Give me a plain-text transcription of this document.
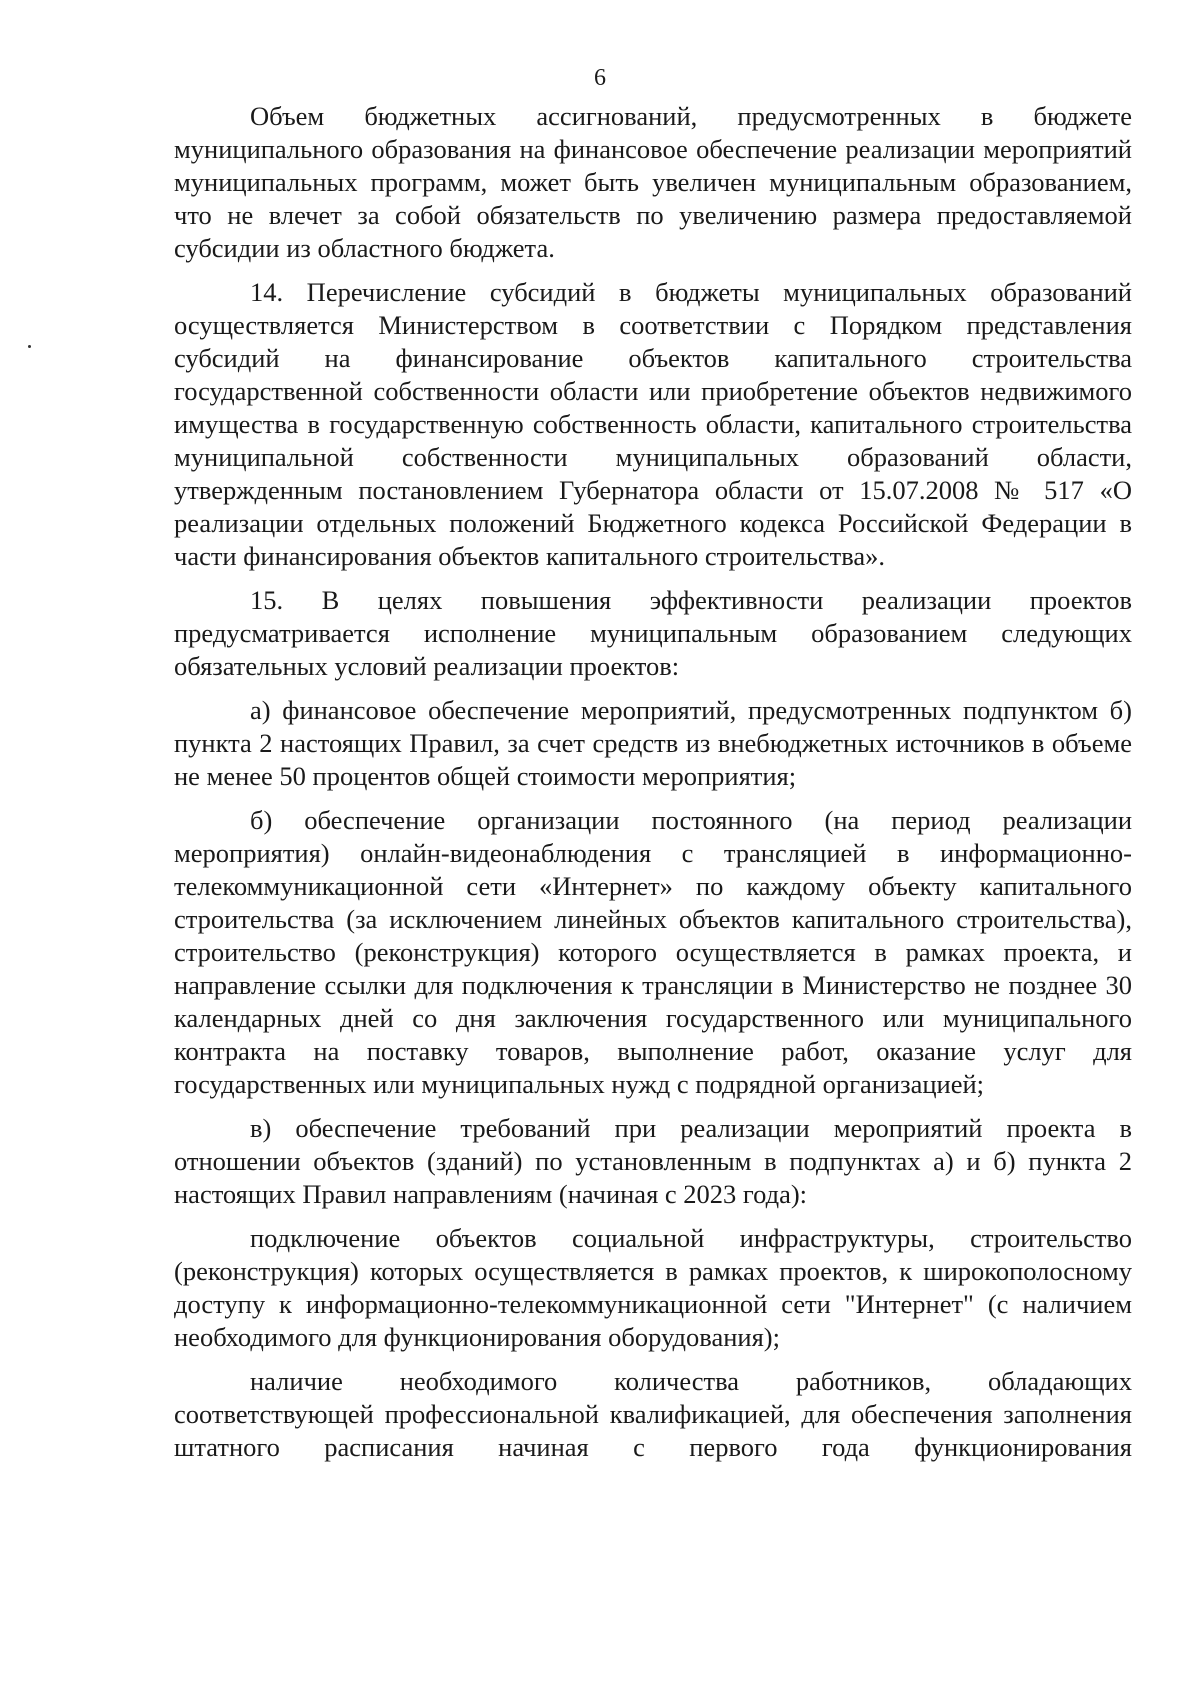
6

Объем бюджетных ассигнований, предусмотренных в бюджете муниципального образования на финансовое обеспечение реализации мероприятий муниципальных программ, может быть увеличен муниципальным образованием, что не влечет за собой обязательств по увеличению размера предоставляемой субсидии из областного бюджета.

14. Перечисление субсидий в бюджеты муниципальных образований осуществляется Министерством в соответствии с Порядком представления субсидий на финансирование объектов капитального строительства государственной собственности области или приобретение объектов недвижимого имущества в государственную собственность области, капитального строительства муниципальной собственности муниципальных образований области, утвержденным постановлением Губернатора области от 15.07.2008 № 517 «О реализации отдельных положений Бюджетного кодекса Российской Федерации в части финансирования объектов капитального строительства».

15. В целях повышения эффективности реализации проектов предусматривается исполнение муниципальным образованием следующих обязательных условий реализации проектов:

а) финансовое обеспечение мероприятий, предусмотренных подпунктом б) пункта 2 настоящих Правил, за счет средств из внебюджетных источников в объеме не менее 50 процентов общей стоимости мероприятия;

б) обеспечение организации постоянного (на период реализации мероприятия) онлайн-видеонаблюдения с трансляцией в информационно-телекоммуникационной сети «Интернет» по каждому объекту капитального строительства (за исключением линейных объектов капитального строительства), строительство (реконструкция) которого осуществляется в рамках проекта, и направление ссылки для подключения к трансляции в Министерство не позднее 30 календарных дней со дня заключения государственного или муниципального контракта на поставку товаров, выполнение работ, оказание услуг для государственных или муниципальных нужд с подрядной организацией;

в) обеспечение требований при реализации мероприятий проекта в отношении объектов (зданий) по установленным в подпунктах а) и б) пункта 2 настоящих Правил направлениям (начиная с 2023 года):

подключение объектов социальной инфраструктуры, строительство (реконструкция) которых осуществляется в рамках проектов, к широкополосному доступу к информационно-телекоммуникационной сети "Интернет" (с наличием необходимого для функционирования оборудования);

наличие необходимого количества работников, обладающих соответствующей профессиональной квалификацией, для обеспечения заполнения штатного расписания начиная с первого года функционирования
